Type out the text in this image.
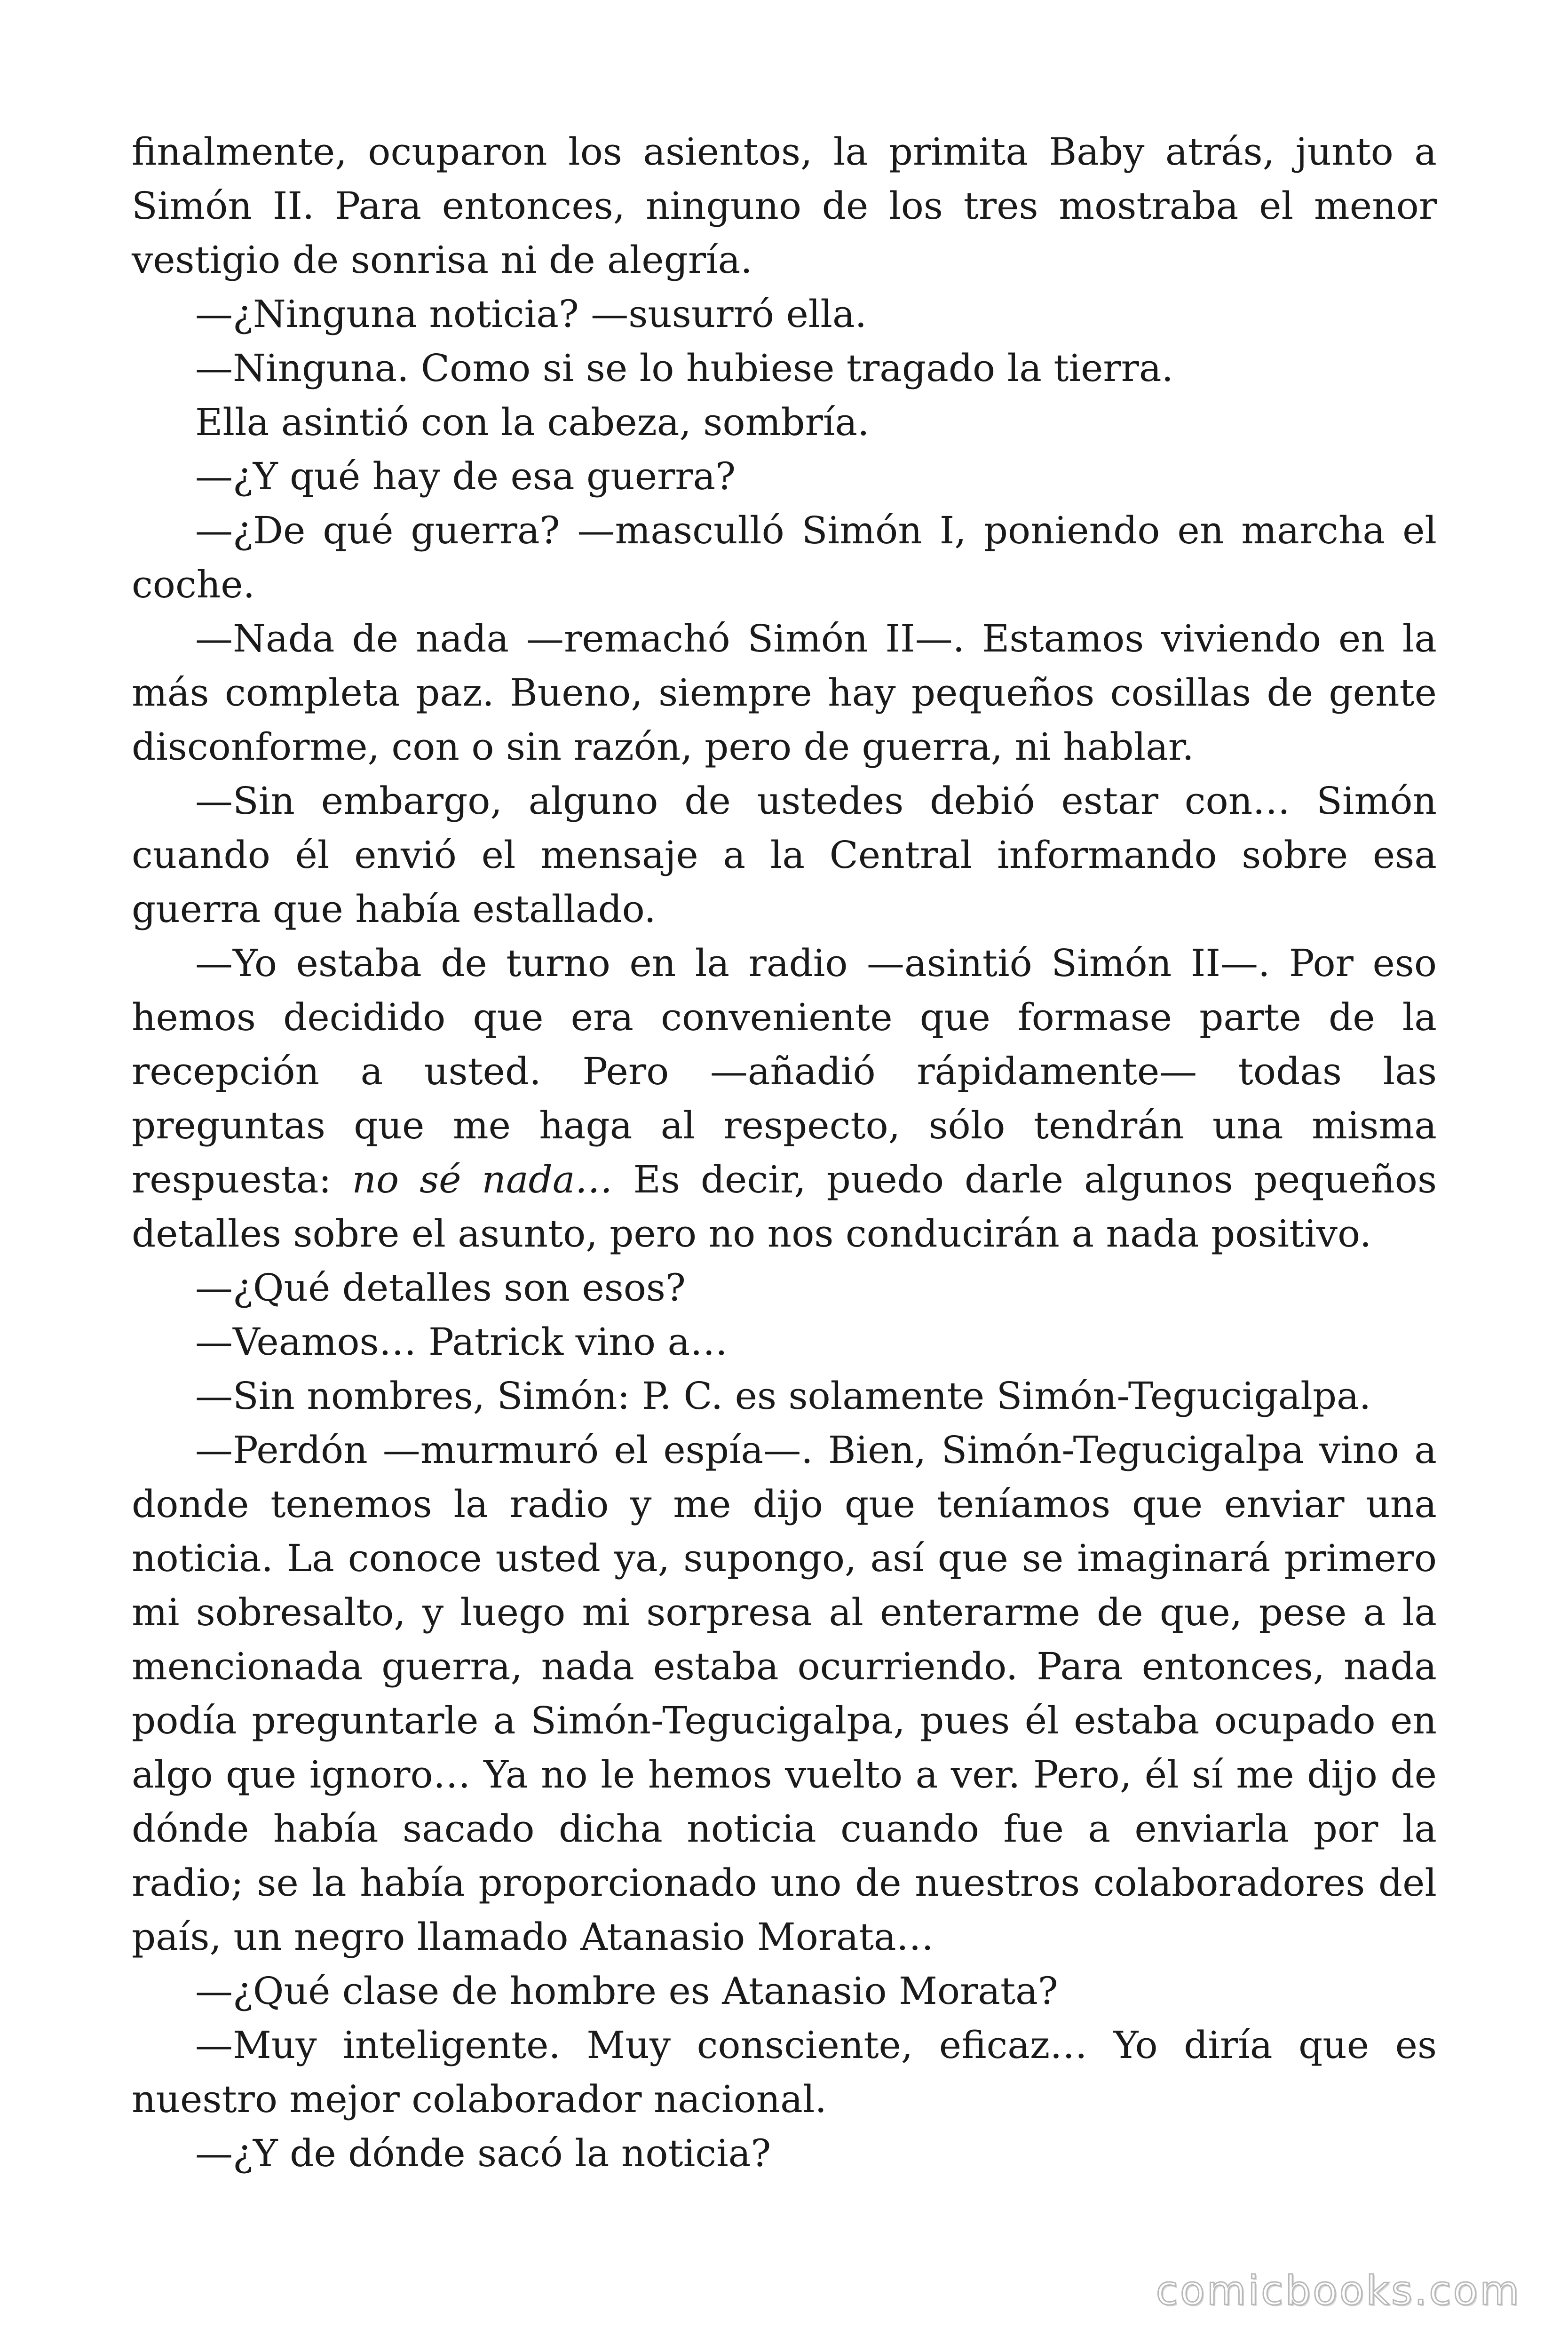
finalmente, ocuparon los asientos, la primita Baby atrás, junto a Simón II. Para entonces, ninguno de los tres mostraba el menor vestigio de sonrisa ni de alegría.

—¿Ninguna noticia? —susurró ella.

—Ninguna. Como si se lo hubiese tragado la tierra.

Ella asintió con la cabeza, sombría.

—¿Y qué hay de esa guerra?

—¿De qué guerra? —masculló Simón I, poniendo en marcha el coche.

—Nada de nada —remachó Simón II—. Estamos viviendo en la más completa paz. Bueno, siempre hay pequeños cosillas de gente disconforme, con o sin razón, pero de guerra, ni hablar.

—Sin embargo, alguno de ustedes debió estar con… Simón cuando él envió el mensaje a la Central informando sobre esa guerra que había estallado.

—Yo estaba de turno en la radio —asintió Simón II—. Por eso hemos decidido que era conveniente que formase parte de la recepción a usted. Pero —añadió rápidamente— todas las preguntas que me haga al respecto, sólo tendrán una misma respuesta: no sé nada… Es decir, puedo darle algunos pequeños detalles sobre el asunto, pero no nos conducirán a nada positivo.

—¿Qué detalles son esos?

—Veamos… Patrick vino a…

—Sin nombres, Simón: P. C. es solamente Simón-Tegucigalpa.

—Perdón —murmuró el espía—. Bien, Simón-Tegucigalpa vino a donde tenemos la radio y me dijo que teníamos que enviar una noticia. La conoce usted ya, supongo, así que se imaginará primero mi sobresalto, y luego mi sorpresa al enterarme de que, pese a la mencionada guerra, nada estaba ocurriendo. Para entonces, nada podía preguntarle a Simón-Tegucigalpa, pues él estaba ocupado en algo que ignoro… Ya no le hemos vuelto a ver. Pero, él sí me dijo de dónde había sacado dicha noticia cuando fue a enviarla por la radio; se la había proporcionado uno de nuestros colaboradores del país, un negro llamado Atanasio Morata…

—¿Qué clase de hombre es Atanasio Morata?

—Muy inteligente. Muy consciente, eficaz… Yo diría que es nuestro mejor colaborador nacional.

—¿Y de dónde sacó la noticia?

comicbooks.com
